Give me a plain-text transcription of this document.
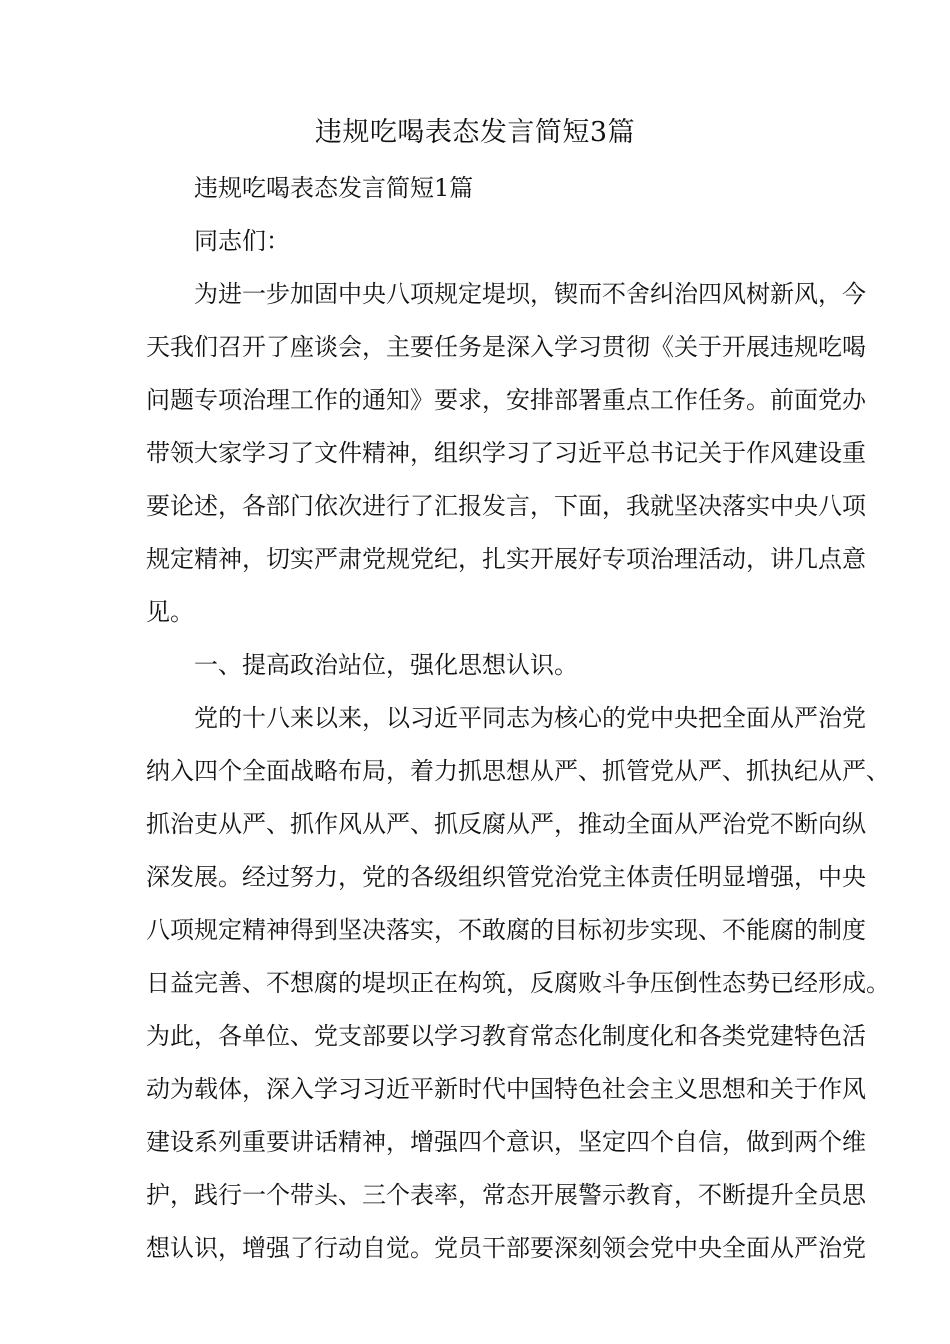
违规吃喝表态发言简短3篇
违规吃喝表态发言简短1篇
同志们：
为进一步加固中央八项规定堤坝，锲而不舍纠治四风树新风，今
天我们召开了座谈会，主要任务是深入学习贯彻《关于开展违规吃喝
问题专项治理工作的通知》要求，安排部署重点工作任务。前面党办
带领大家学习了文件精神，组织学习了习近平总书记关于作风建设重
要论述，各部门依次进行了汇报发言，下面，我就坚决落实中央八项
规定精神，切实严肃党规党纪，扎实开展好专项治理活动，讲几点意
见。
一、提高政治站位，强化思想认识。
党的十八来以来，以习近平同志为核心的党中央把全面从严治党
纳入四个全面战略布局，着力抓思想从严、抓管党从严、抓执纪从严、
抓治吏从严、抓作风从严、抓反腐从严，推动全面从严治党不断向纵
深发展。经过努力，党的各级组织管党治党主体责任明显增强，中央
八项规定精神得到坚决落实，不敢腐的目标初步实现、不能腐的制度
日益完善、不想腐的堤坝正在构筑，反腐败斗争压倒性态势已经形成。
为此，各单位、党支部要以学习教育常态化制度化和各类党建特色活
动为载体，深入学习习近平新时代中国特色社会主义思想和关于作风
建设系列重要讲话精神，增强四个意识，坚定四个自信，做到两个维
护，践行一个带头、三个表率，常态开展警示教育，不断提升全员思
想认识，增强了行动自觉。党员干部要深刻领会党中央全面从严治党
